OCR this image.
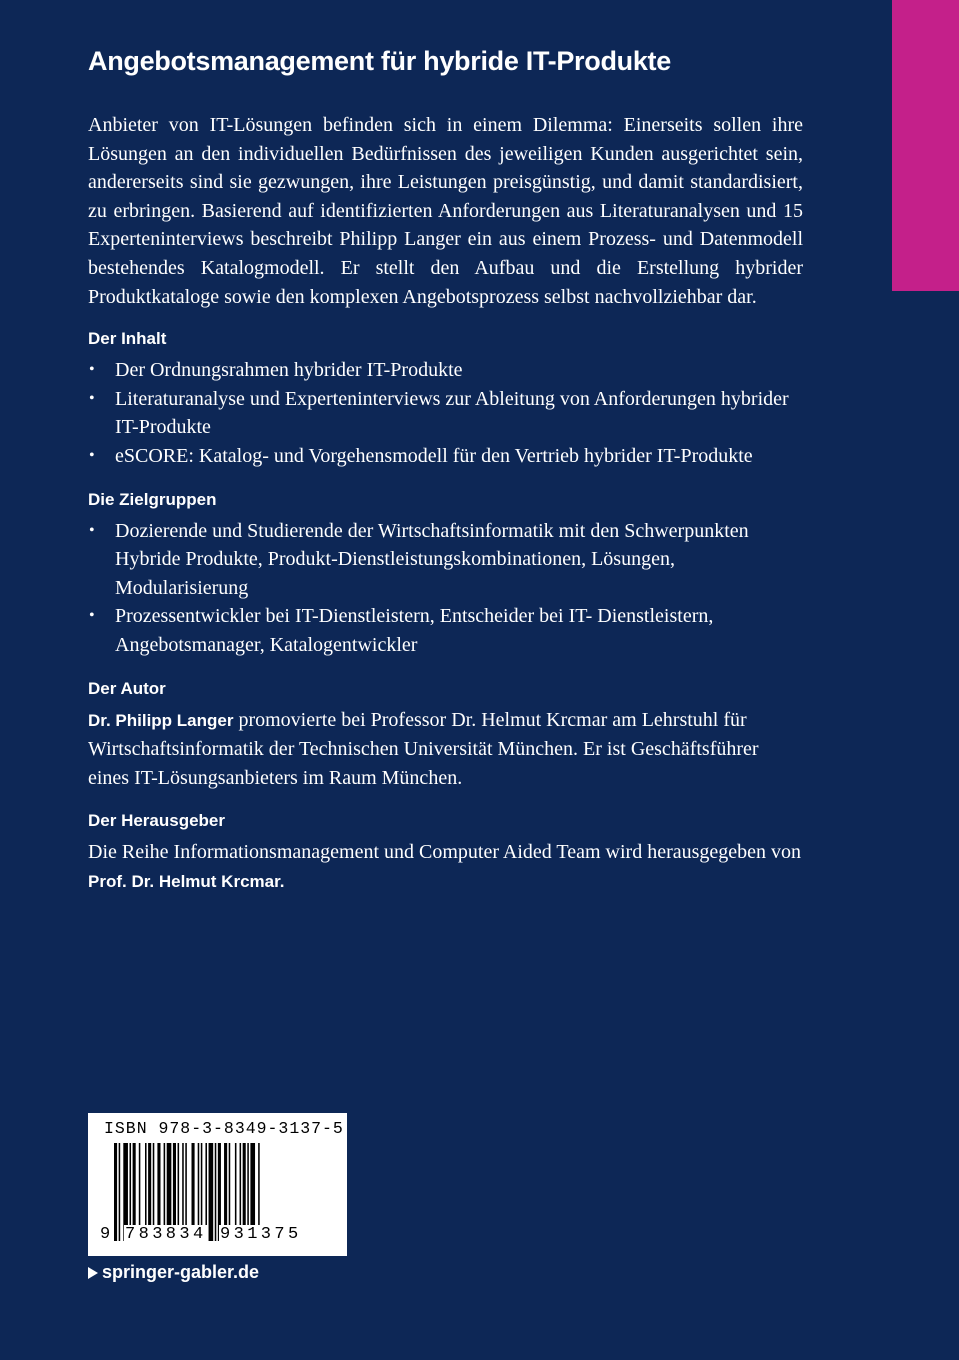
Angebotsmanagement für hybride IT-Produkte

Anbieter von IT-Lösungen befinden sich in einem Dilemma: Einerseits sollen ihre Lösungen an den individuellen Bedürfnissen des jeweiligen Kunden ausgerichtet sein, andererseits sind sie gezwungen, ihre Leistungen preisgünstig, und damit standardisiert, zu erbringen. Basierend auf identifizierten Anforderungen aus Literaturanalysen und 15 Experteninterviews beschreibt Philipp Langer ein aus einem Prozess- und Datenmodell bestehendes Katalogmodell. Er stellt den Aufbau und die Erstellung hybrider Produktkataloge sowie den komplexen Angebotsprozess selbst nachvollziehbar dar.

Der Inhalt
• Der Ordnungsrahmen hybrider IT-Produkte
• Literaturanalyse und Experteninterviews zur Ableitung von Anforderungen hybrider IT-Produkte
• eSCORE: Katalog- und Vorgehensmodell für den Vertrieb hybrider IT-Produkte
Die Zielgruppen
• Dozierende und Studierende der Wirtschaftsinformatik mit den Schwerpunkten Hybride Produkte, Produkt-Dienstleistungskombinationen, Lösungen, Modularisierung
• Prozessentwickler bei IT-Dienstleistern, Entscheider bei IT- Dienstleistern, Angebotsmanager, Katalogentwickler
Der Autor

Dr. Philipp Langer promovierte bei Professor Dr. Helmut Krcmar am Lehrstuhl für Wirtschaftsinformatik der Technischen Universität München. Er ist Geschäftsführer eines IT-Lösungsanbieters im Raum München.

Der Herausgeber

Die Reihe Informationsmanagement und Computer Aided Team wird herausgegeben von Prof. Dr. Helmut Krcmar.

ISBN 978-3-8349-3137-5
9 783834 931375
springer-gabler.de
